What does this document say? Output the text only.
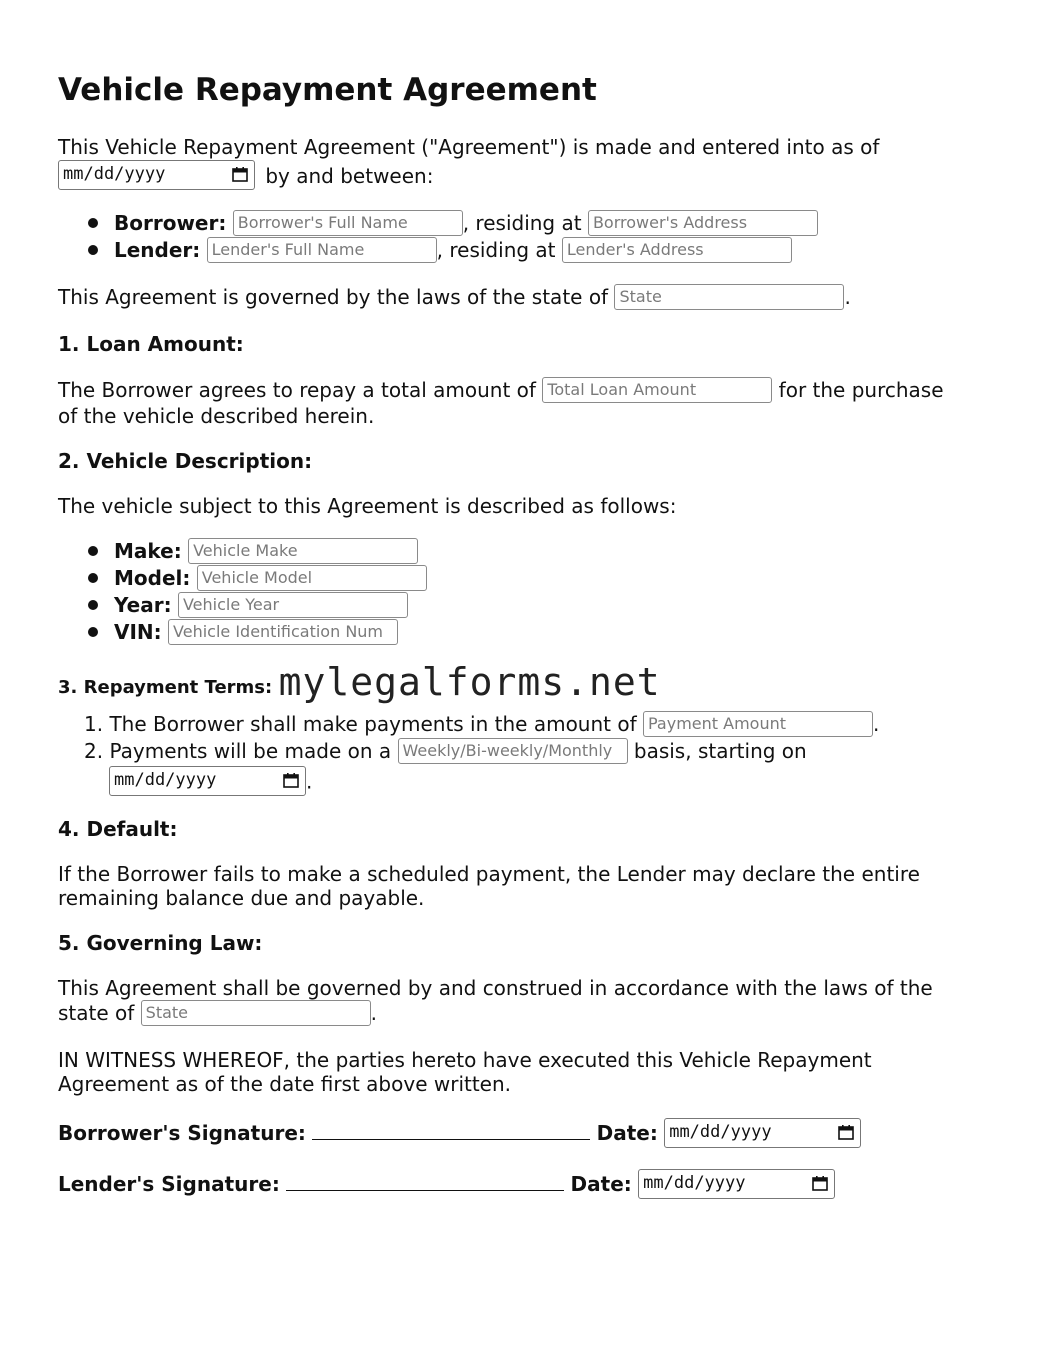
Vehicle Repayment Agreement
This Vehicle Repayment Agreement ("Agreement") is made and entered into as of
mm/dd/yyyy	by and between:
Borrower: Borrower's Full Name	, residing at Borrower's Address
Lender: Lender's Full Name	, residing at Lender's Address
This Agreement is governed by the laws of the state of State	.
1. Loan Amount:
The Borrower agrees to repay a total amount of Total Loan Amount	for the purchase
of the vehicle described herein.
2. Vehicle Description:
The vehicle subject to this Agreement is described as follows:
Make: Vehicle Make
Model: Vehicle Model
Year: Vehicle Year
VIN: Vehicle Identification Num
3. Repayment Terms: mylegalforms.net
1. The Borrower shall make payments in the amount of Payment Amount	.
2. Payments will be made on a Weekly/Bi-weekly/Monthly basis, starting on
mm/dd/yyyy	.
4. Default:
If the Borrower fails to make a scheduled payment, the Lender may declare the entire
remaining balance due and payable.
5. Governing Law:
This Agreement shall be governed by and construed in accordance with the laws of the
state of State	.
IN WITNESS WHEREOF, the parties hereto have executed this Vehicle Repayment
Agreement as of the date first above written.
Borrower's Signature:	Date: mm/dd/yyyy
Lender's Signature:	Date: mm/dd/yyyy
